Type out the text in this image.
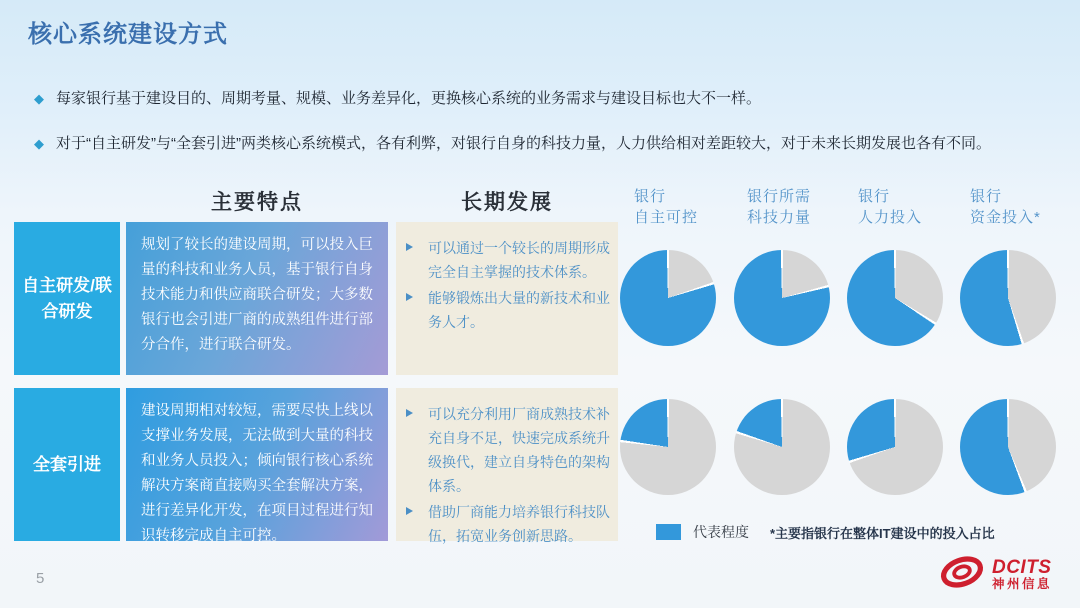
核心系统建设方式
◆ 每家银行基于建设目的、周期考量、规模、业务差异化，更换核心系统的业务需求与建设目标也大不一样。
◆ 对于“自主研发”与“全套引进”两类核心系统模式，各有利弊，对银行自身的科技力量，人力供给相对差距较大，对于未来长期发展也各有不同。
主要特点	长期发展
自主研发/联合研发
规划了较长的建设周期，可以投入巨量的科技和业务人员，基于银行自身技术能力和供应商联合研发；大多数银行也会引进厂商的成熟组件进行部分合作，进行联合研发。
可以通过一个较长的周期形成完全自主掌握的技术体系。
能够锻炼出大量的新技术和业务人才。
全套引进
建设周期相对较短，需要尽快上线以支撑业务发展，无法做到大量的科技和业务人员投入；倾向银行核心系统解决方案商直接购买全套解决方案，进行差异化开发，在项目过程进行知识转移完成自主可控。
可以充分利用厂商成熟技术补充自身不足，快速完成系统升级换代，建立自身特色的架构体系。
借助厂商能力培养银行科技队伍，拓宽业务创新思路。
银行
自主可控
银行所需
科技力量
银行
人力投入
银行
资金投入*
代表程度 *主要指银行在整体IT建设中的投入占比
5
DCITS
神州信息
